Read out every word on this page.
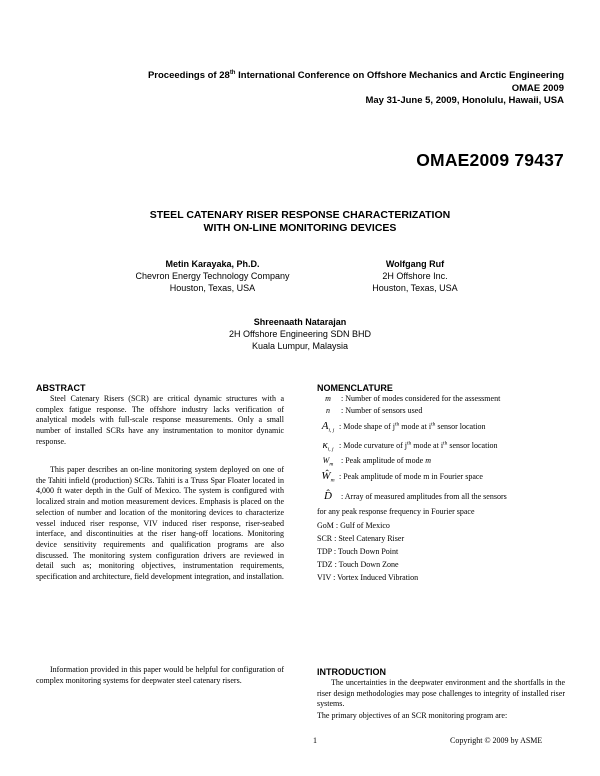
Proceedings of 28th International Conference on Offshore Mechanics and Arctic Engineering
OMAE 2009
May 31-June 5, 2009, Honolulu, Hawaii, USA
OMAE2009 79437
STEEL CATENARY RISER RESPONSE CHARACTERIZATION
WITH ON-LINE MONITORING DEVICES
Metin Karayaka, Ph.D.
Chevron Energy Technology Company
Houston, Texas, USA
Wolfgang Ruf
2H Offshore Inc.
Houston, Texas, USA
Shreenaath Natarajan
2H Offshore Engineering SDN BHD
Kuala Lumpur, Malaysia
ABSTRACT

Steel Catenary Risers (SCR) are critical dynamic structures with a complex fatigue response. The offshore industry lacks verification of analytical models with full-scale response measurements. Only a small number of installed SCRs have any instrumentation to monitor dynamic response.

This paper describes an on-line monitoring system deployed on one of the Tahiti infield (production) SCRs. Tahiti is a Truss Spar Floater located in 4,000 ft water depth in the Gulf of Mexico. The system is configured with localized strain and motion measurement devices. Emphasis is placed on the selection of number and location of the monitoring devices to characterize vessel induced riser response, VIV induced riser response, riser-seabed interface, and discontinuities at the riser hang-off locations. Monitoring device sensitivity requirements and qualification programs are also discussed. The monitoring system configuration drivers are reviewed in detail such as; monitoring objectives, instrumentation requirements, specification and architecture, field development integration, and installation.

Information provided in this paper would be helpful for configuration of complex monitoring systems for deepwater steel catenary risers.

NOMENCLATURE
m : Number of modes considered for the assessment
n : Number of sensors used
$A_{i, j}$ : Mode shape of $j^{th}$ mode at $i^{th}$ sensor location
$\kappa_{i, j}$ : Mode curvature of $j^{th}$ mode at $i^{th}$ sensor location
$W_m$ : Peak amplitude of mode m
$Ŵ_m$ : Peak amplitude of mode m in Fourier space
D̂ : Array of measured amplitudes from all the sensors
for any peak response frequency in Fourier space
GoM : Gulf of Mexico
SCR : Steel Catenary Riser
TDP : Touch Down Point
TDZ : Touch Down Zone
VIV : Vortex Induced Vibration
INTRODUCTION

The uncertainties in the deepwater environment and the shortfalls in the riser design methodologies may pose challenges to integrity of installed riser systems.

The primary objectives of an SCR monitoring program are:

1	Copyright © 2009 by ASME
